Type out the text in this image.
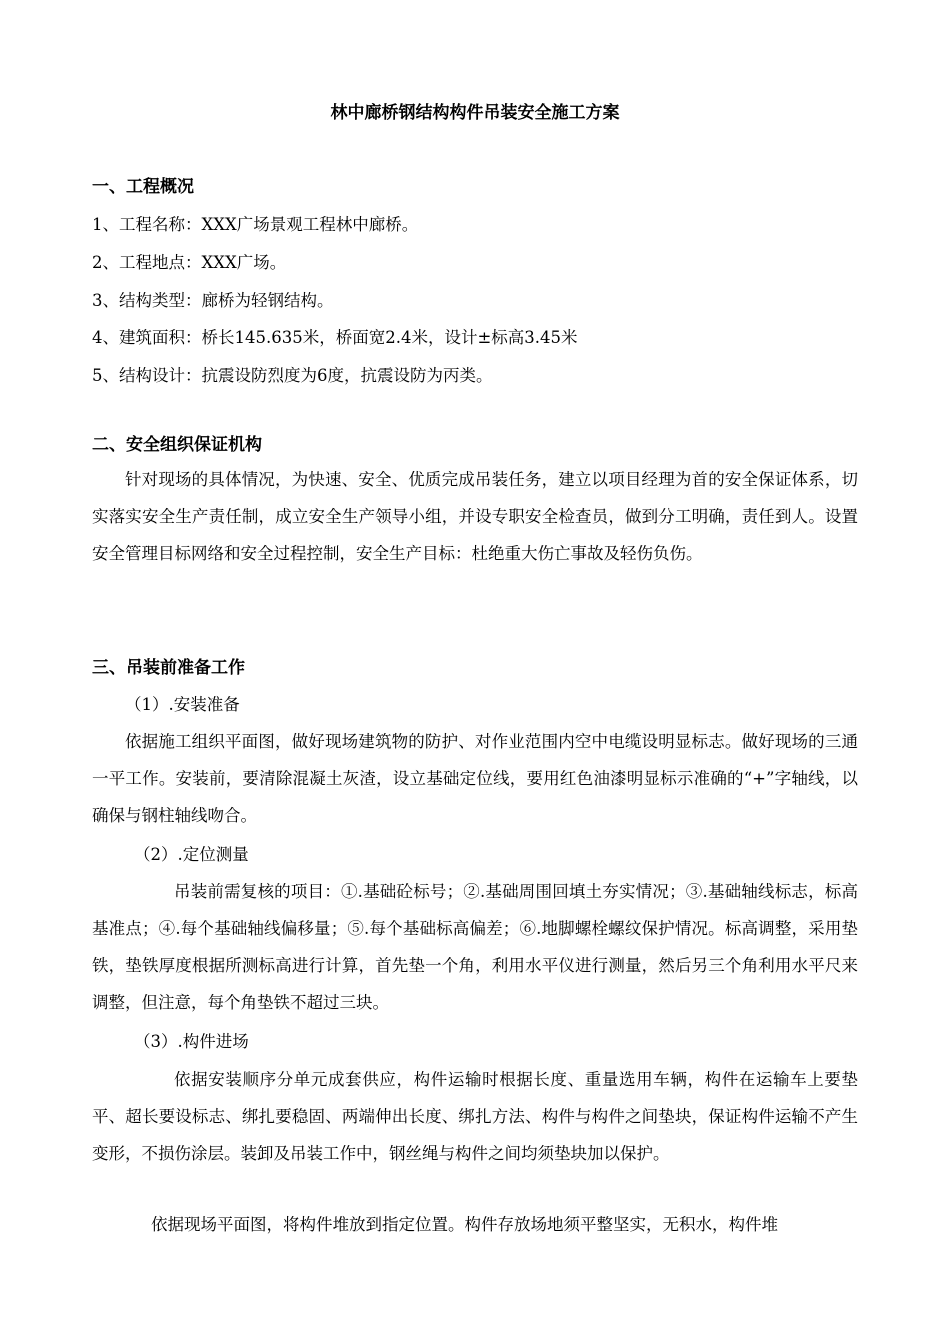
林中廊桥钢结构构件吊装安全施工方案
一、工程概况
1、工程名称：XXX广场景观工程林中廊桥。
2、工程地点：XXX广场。
3、结构类型：廊桥为轻钢结构。
4、建筑面积：桥长145.635米，桥面宽2.4米，设计±标高3.45米
5、结构设计：抗震设防烈度为6度，抗震设防为丙类。
二、安全组织保证机构
针对现场的具体情况，为快速、安全、优质完成吊装任务，建立以项目经理为首的安全保证体系，切实落实安全生产责任制，成立安全生产领导小组，并设专职安全检查员，做到分工明确，责任到人。设置安全管理目标网络和安全过程控制，安全生产目标：杜绝重大伤亡事故及轻伤负伤。
三、吊装前准备工作
（1）.安装准备
依据施工组织平面图，做好现场建筑物的防护、对作业范围内空中电缆设明显标志。做好现场的三通一平工作。安装前，要清除混凝土灰渣，设立基础定位线，要用红色油漆明显标示准确的“+”字轴线，以确保与钢柱轴线吻合。
（2）.定位测量
吊装前需复核的项目：①.基础砼标号；②.基础周围回填土夯实情况；③.基础轴线标志，标高基准点；④.每个基础轴线偏移量；⑤.每个基础标高偏差；⑥.地脚螺栓螺纹保护情况。标高调整，采用垫铁，垫铁厚度根据所测标高进行计算，首先垫一个角，利用水平仪进行测量，然后另三个角利用水平尺来调整，但注意，每个角垫铁不超过三块。
（3）.构件进场
依据安装顺序分单元成套供应，构件运输时根据长度、重量选用车辆，构件在运输车上要垫平、超长要设标志、绑扎要稳固、两端伸出长度、绑扎方法、构件与构件之间垫块，保证构件运输不产生变形，不损伤涂层。装卸及吊装工作中，钢丝绳与构件之间均须垫块加以保护。
依据现场平面图，将构件堆放到指定位置。构件存放场地须平整坚实，无积水，构件堆
